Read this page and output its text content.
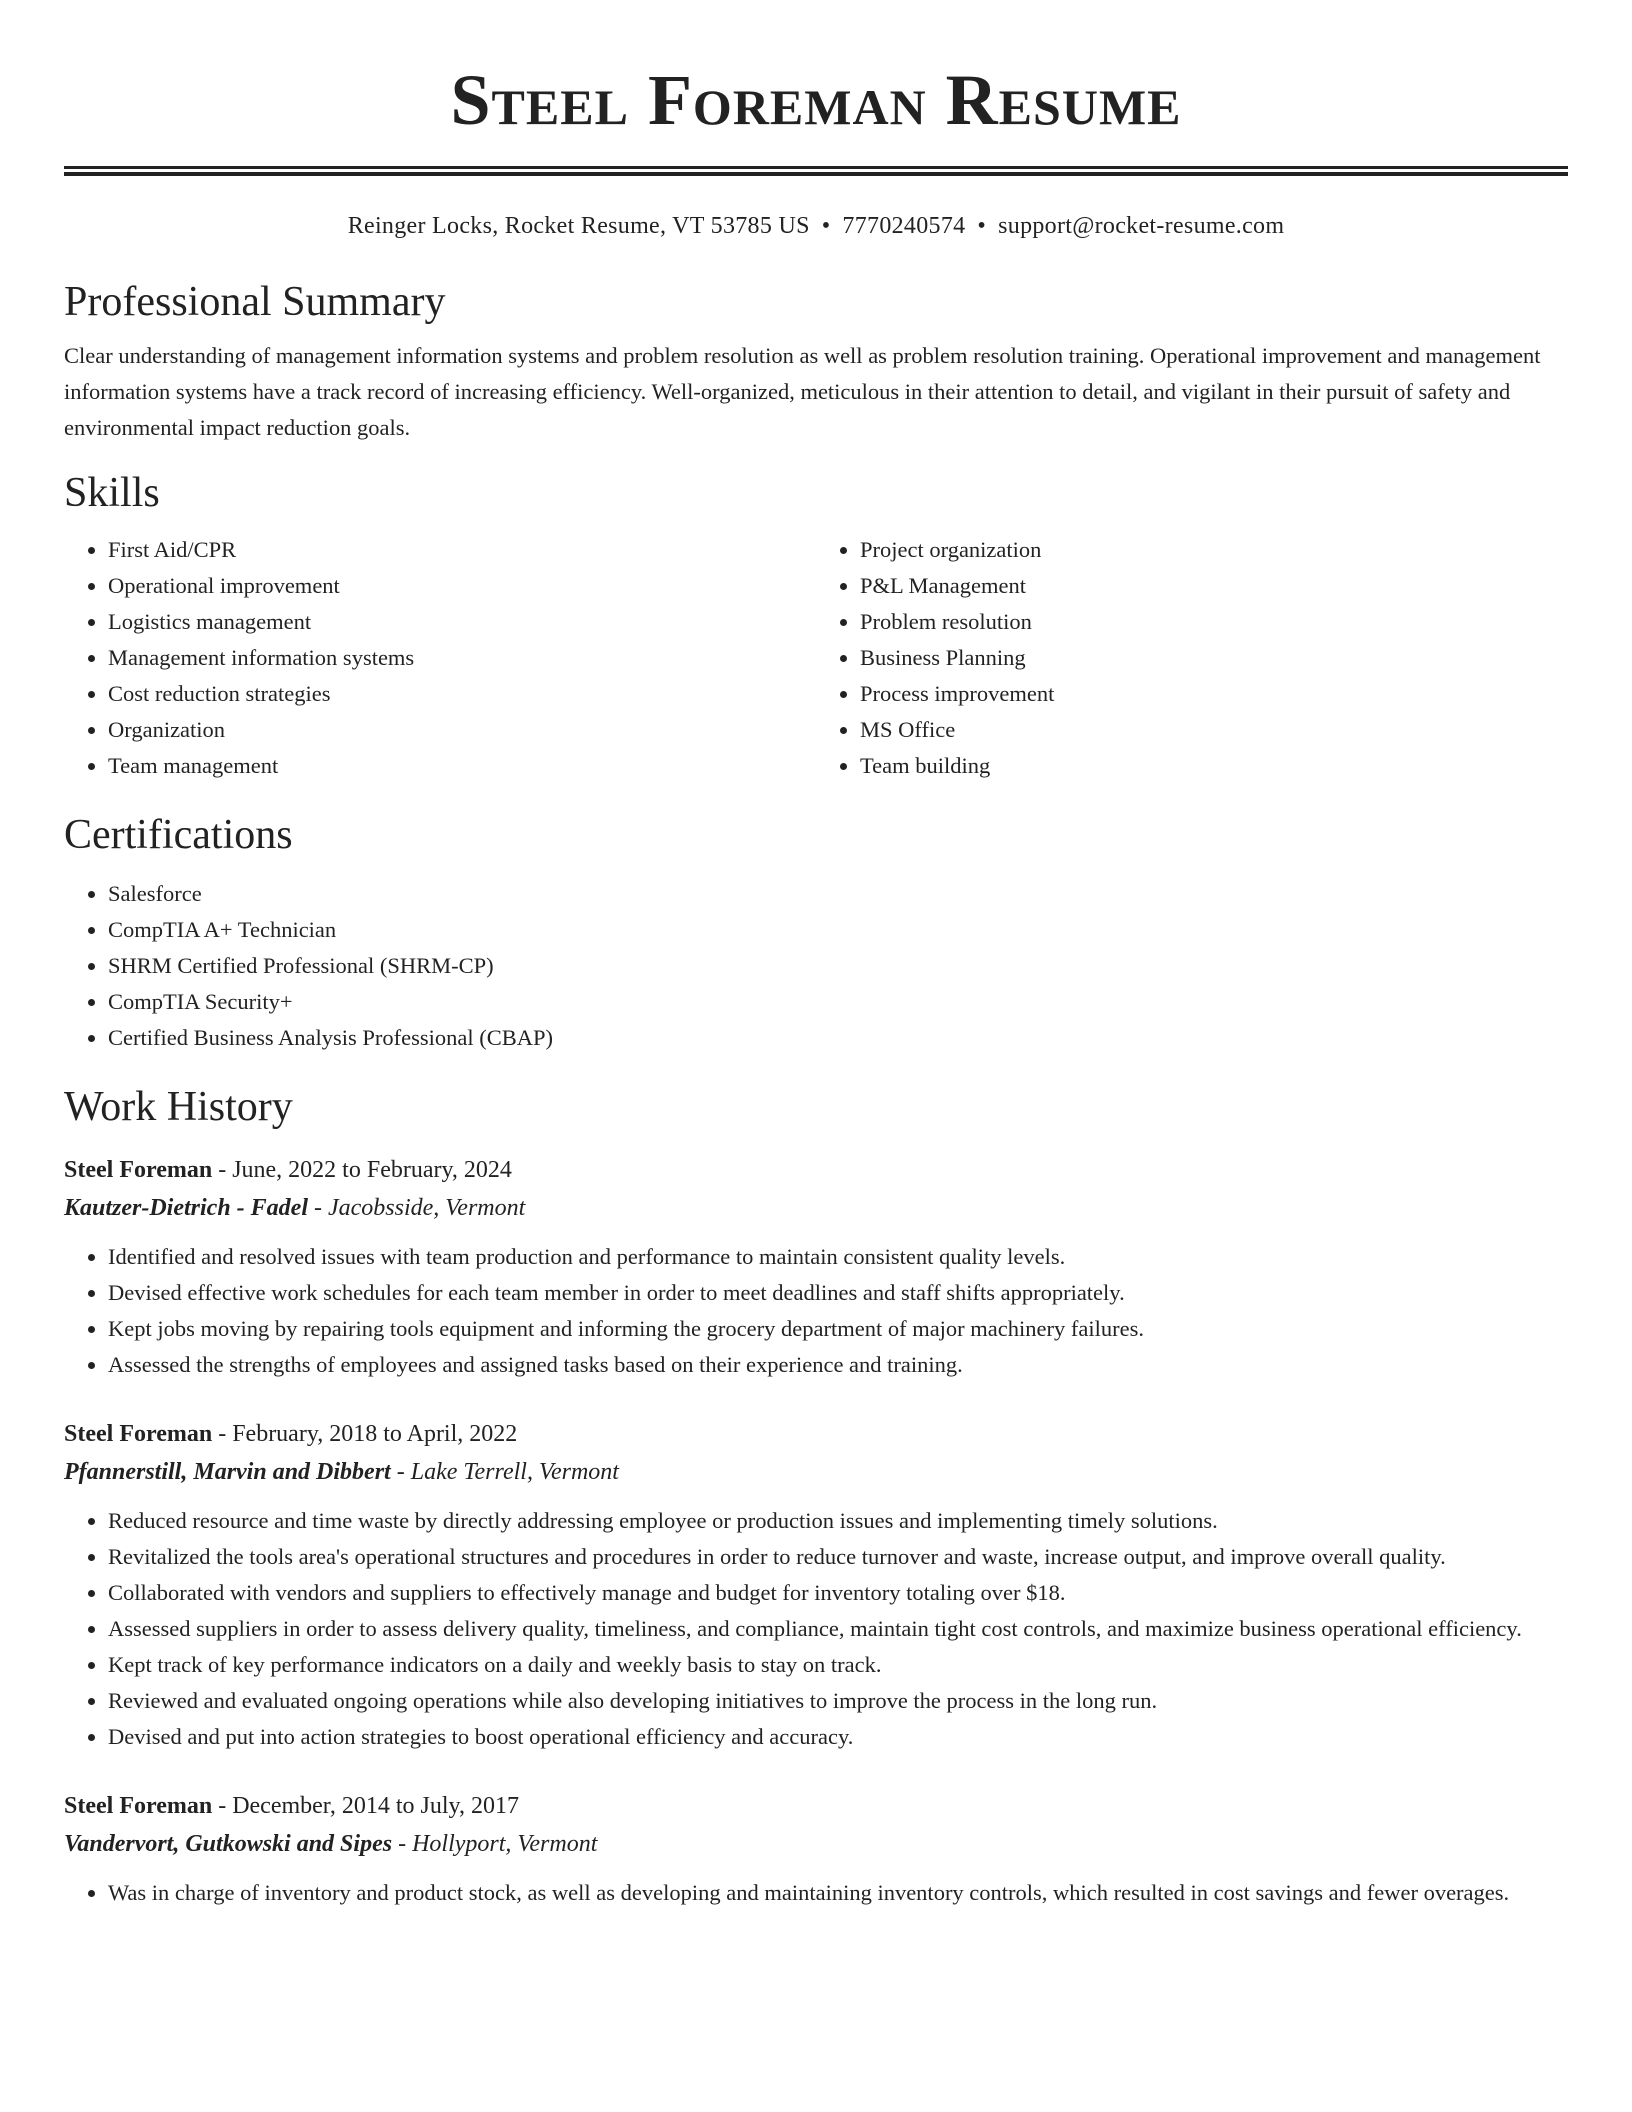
Steel Foreman Resume
Reinger Locks, Rocket Resume, VT 53785 US • 7770240574 • support@rocket-resume.com
Professional Summary

Clear understanding of management information systems and problem resolution as well as problem resolution training. Operational improvement and management information systems have a track record of increasing efficiency. Well-organized, meticulous in their attention to detail, and vigilant in their pursuit of safety and environmental impact reduction goals.

Skills
• First Aid/CPR
• Operational improvement
• Logistics management
• Management information systems
• Cost reduction strategies
• Organization
• Team management
• Project organization
• P&L Management
• Problem resolution
• Business Planning
• Process improvement
• MS Office
• Team building
Certifications
• Salesforce
• CompTIA A+ Technician
• SHRM Certified Professional (SHRM-CP)
• CompTIA Security+
• Certified Business Analysis Professional (CBAP)
Work History
Steel Foreman - June, 2022 to February, 2024
Kautzer-Dietrich - Fadel - Jacobsside, Vermont
• Identified and resolved issues with team production and performance to maintain consistent quality levels.
• Devised effective work schedules for each team member in order to meet deadlines and staff shifts appropriately.
• Kept jobs moving by repairing tools equipment and informing the grocery department of major machinery failures.
• Assessed the strengths of employees and assigned tasks based on their experience and training.
Steel Foreman - February, 2018 to April, 2022
Pfannerstill, Marvin and Dibbert - Lake Terrell, Vermont
• Reduced resource and time waste by directly addressing employee or production issues and implementing timely solutions.
• Revitalized the tools area's operational structures and procedures in order to reduce turnover and waste, increase output, and improve overall quality.
• Collaborated with vendors and suppliers to effectively manage and budget for inventory totaling over $18.
• Assessed suppliers in order to assess delivery quality, timeliness, and compliance, maintain tight cost controls, and maximize business operational efficiency.
• Kept track of key performance indicators on a daily and weekly basis to stay on track.
• Reviewed and evaluated ongoing operations while also developing initiatives to improve the process in the long run.
• Devised and put into action strategies to boost operational efficiency and accuracy.
Steel Foreman - December, 2014 to July, 2017
Vandervort, Gutkowski and Sipes - Hollyport, Vermont
• Was in charge of inventory and product stock, as well as developing and maintaining inventory controls, which resulted in cost savings and fewer overages.
